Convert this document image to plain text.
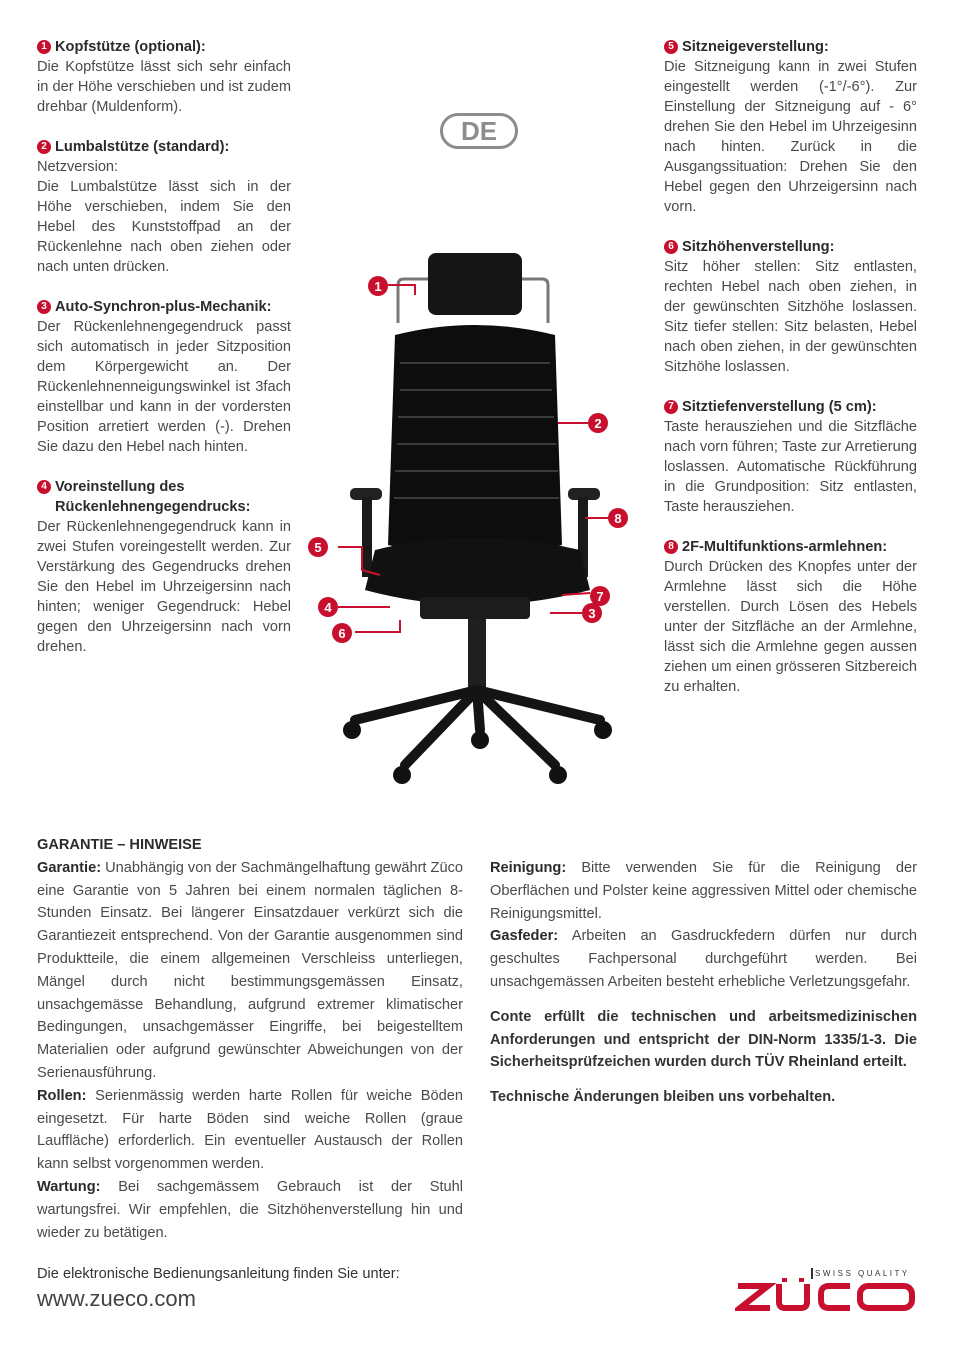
1 Kopfstütze (optional):

Die Kopfstütze lässt sich sehr einfach in der Höhe verschieben und ist zudem drehbar (Muldenform).

2 Lumbalstütze (standard):

Netzversion:

Die Lumbalstütze lässt sich in der Höhe verschieben, indem Sie den Hebel des Kunststoffpad an der Rückenlehne nach oben ziehen oder nach unten drücken.

3 Auto-Synchron-plus-Mechanik:

Der Rückenlehnengegendruck passt sich automatisch in jeder Sitzposition dem Körpergewicht an. Der Rückenlehnenneigungswinkel ist 3fach einstellbar und kann in der vordersten Position arretiert werden (-). Drehen Sie dazu den Hebel nach hinten.

4 Voreinstellung des Rückenlehnengegendrucks:

Der Rückenlehnengegendruck kann in zwei Stufen voreingestellt werden. Zur Verstärkung des Gegendrucks drehen Sie den Hebel im Uhrzeigersinn nach hinten; weniger Gegendruck: Hebel gegen den Uhrzeigersinn nach vorn drehen.

DE
5 Sitzneigeverstellung:

Die Sitzneigung kann in zwei Stufen eingestellt werden (-1°/-6°). Zur Einstellung der Sitzneigung auf - 6° drehen Sie den Hebel im Uhrzeigesinn nach hinten. Zurück in die Ausgangssituation: Drehen Sie den Hebel gegen den Uhrzeigersinn nach vorn.

6 Sitzhöhenverstellung:

Sitz höher stellen: Sitz entlasten, rechten Hebel nach oben ziehen, in der gewünschten Sitzhöhe loslassen. Sitz tiefer stellen: Sitz belasten, Hebel nach oben ziehen, in der gewünschten Sitzhöhe loslassen.

7 Sitztiefenverstellung (5 cm):

Taste herausziehen und die Sitzfläche nach vorn führen; Taste zur Arretierung loslassen. Automatische Rückführung in die Grundposition: Sitz entlasten, Taste herausziehen.

8 2F-Multifunktions-armlehnen:

Durch Drücken des Knopfes unter der Armlehne lässt sich die Höhe verstellen. Durch Lösen des Hebels unter der Sitzfläche an der Armlehne, lässt sich die Armlehne gegen aussen ziehen um einen grösseren Sitzbereich zu erhalten.

1
2
8
5
7
4	3
6

GARANTIE – HINWEISE

Garantie: Unabhängig von der Sachmängelhaftung gewährt Züco eine Garantie von 5 Jahren bei einem normalen täglichen 8-Stunden Einsatz. Bei längerer Einsatzdauer verkürzt sich die Garantiezeit entsprechend. Von der Garantie ausgenommen sind Produktteile, die einem allgemeinen Verschleiss unterliegen, Mängel durch nicht bestimmungsgemässen Einsatz, unsachgemässe Behandlung, aufgrund extremer klimatischer Bedingungen, unsachgemässer Eingriffe, bei beigestelltem Materialien oder aufgrund gewünschter Abweichungen von der Serienausführung.

Rollen: Serienmässig werden harte Rollen für weiche Böden eingesetzt. Für harte Böden sind weiche Rollen (graue Lauffläche) erforderlich. Ein eventueller Austausch der Rollen kann selbst vorgenommen werden.

Wartung: Bei sachgemässem Gebrauch ist der Stuhl wartungsfrei. Wir empfehlen, die Sitzhöhenverstellung hin und wieder zu betätigen.

Reinigung: Bitte verwenden Sie für die Reinigung der Oberflächen und Polster keine aggressiven Mittel oder chemische Reinigungsmittel.

Gasfeder: Arbeiten an Gasdruckfedern dürfen nur durch geschultes Fachpersonal durchgeführt werden. Bei unsachgemässen Arbeiten besteht erhebliche Verletzungsgefahr.

Conte erfüllt die technischen und arbeitsmedizinischen Anforderungen und entspricht der DIN-Norm 1335/1-3. Die Sicherheitsprüfzeichen wurden durch TÜV Rheinland erteilt.

Technische Änderungen bleiben uns vorbehalten.

Die elektronische Bedienungsanleitung finden Sie unter:
www.zueco.com
SWISS QUALITY
